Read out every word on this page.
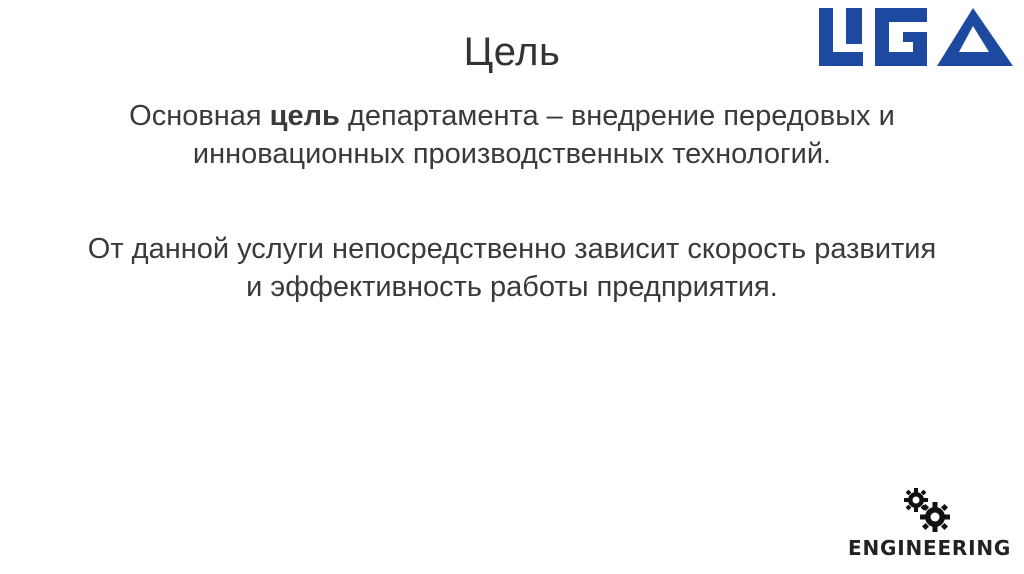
Цель
Основная цель департамента – внедрение передовых и инновационных производственных технологий.
От данной услуги непосредственно зависит скорость развития и эффективность работы предприятия.
ENGINEERING
